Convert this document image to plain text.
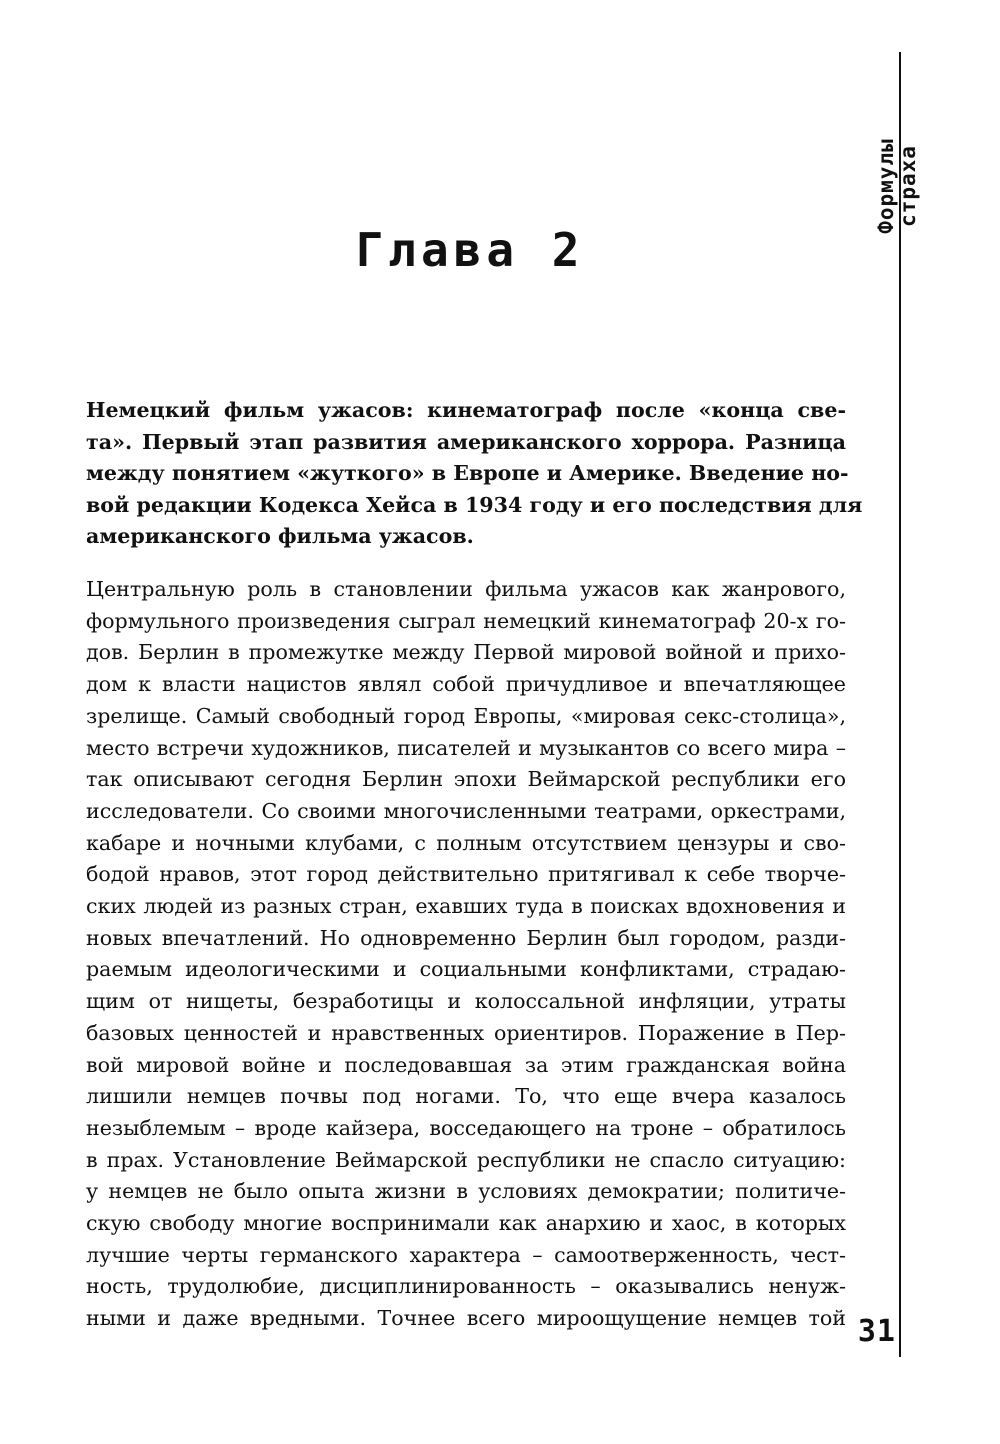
Формулы
страха
Глава 2

Немецкий фильм ужасов: кинематограф после «конца све-
та». Первый этап развития американского хоррора. Разница
между понятием «жуткого» в Европе и Америке. Введение но-
вой редакции Кодекса Хейса в 1934 году и его последствия для
американского фильма ужасов.

Центральную роль в становлении фильма ужасов как жанрового,
формульного произведения сыграл немецкий кинематограф 20-х го-
дов. Берлин в промежутке между Первой мировой войной и прихо-
дом к власти нацистов являл собой причудливое и впечатляющее
зрелище. Самый свободный город Европы, «мировая секс-столица»,
место встречи художников, писателей и музыкантов со всего мира –
так описывают сегодня Берлин эпохи Веймарской республики его
исследователи. Со своими многочисленными театрами, оркестрами,
кабаре и ночными клубами, с полным отсутствием цензуры и сво-
бодой нравов, этот город действительно притягивал к себе творче-
ских людей из разных стран, ехавших туда в поисках вдохновения и
новых впечатлений. Но одновременно Берлин был городом, разди-
раемым идеологическими и социальными конфликтами, страдаю-
щим от нищеты, безработицы и колоссальной инфляции, утраты
базовых ценностей и нравственных ориентиров. Поражение в Пер-
вой мировой войне и последовавшая за этим гражданская война
лишили немцев почвы под ногами. То, что еще вчера казалось
незыблемым – вроде кайзера, восседающего на троне – обратилось
в прах. Установление Веймарской республики не спасло ситуацию:
у немцев не было опыта жизни в условиях демократии; политиче-
скую свободу многие воспринимали как анархию и хаос, в которых
лучшие черты германского характера – самоотверженность, чест-
ность, трудолюбие, дисциплинированность – оказывались ненуж-
ными и даже вредными. Точнее всего мироощущение немцев той 31
